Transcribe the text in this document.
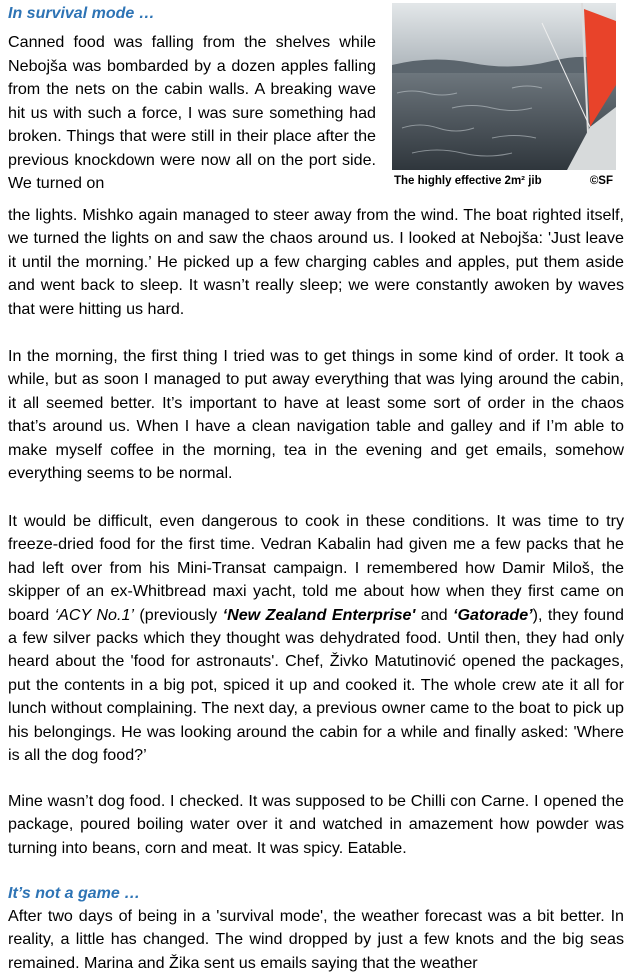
In survival mode …
The highly effective 2m² jib	©SF

Canned food was falling from the shelves while Nebojša was bombarded by a dozen apples falling from the nets on the cabin walls. A breaking wave hit us with such a force, I was sure something had broken. Things that were still in their place after the previous knockdown were now all on the port side. We turned on

the lights. Mishko again managed to steer away from the wind. The boat righted itself, we turned the lights on and saw the chaos around us. I looked at Nebojša: 'Just leave it until the morning.’ He picked up a few charging cables and apples, put them aside and went back to sleep. It wasn’t really sleep; we were constantly awoken by waves that were hitting us hard.

In the morning, the first thing I tried was to get things in some kind of order. It took a while, but as soon I managed to put away everything that was lying around the cabin, it all seemed better. It’s important to have at least some sort of order in the chaos that’s around us. When I have a clean navigation table and galley and if I’m able to make myself coffee in the morning, tea in the evening and get emails, somehow everything seems to be normal.

It would be difficult, even dangerous to cook in these conditions. It was time to try freeze-dried food for the first time. Vedran Kabalin had given me a few packs that he had left over from his Mini-Transat campaign. I remembered how Damir Miloš, the skipper of an ex-Whitbread maxi yacht, told me about how when they first came on board ‘ACY No.1’ (previously ‘New Zealand Enterprise' and ‘Gatorade’), they found a few silver packs which they thought was dehydrated food. Until then, they had only heard about the 'food for astronauts'. Chef, Živko Matutinović opened the packages, put the contents in a big pot, spiced it up and cooked it. The whole crew ate it all for lunch without complaining. The next day, a previous owner came to the boat to pick up his belongings. He was looking around the cabin for a while and finally asked: 'Where is all the dog food?’

Mine wasn’t dog food. I checked. It was supposed to be Chilli con Carne. I opened the package, poured boiling water over it and watched in amazement how powder was turning into beans, corn and meat. It was spicy. Eatable.

It’s not a game …

After two days of being in a 'survival mode', the weather forecast was a bit better. In reality, a little has changed. The wind dropped by just a few knots and the big seas remained. Marina and Žika sent us emails saying that the weather
